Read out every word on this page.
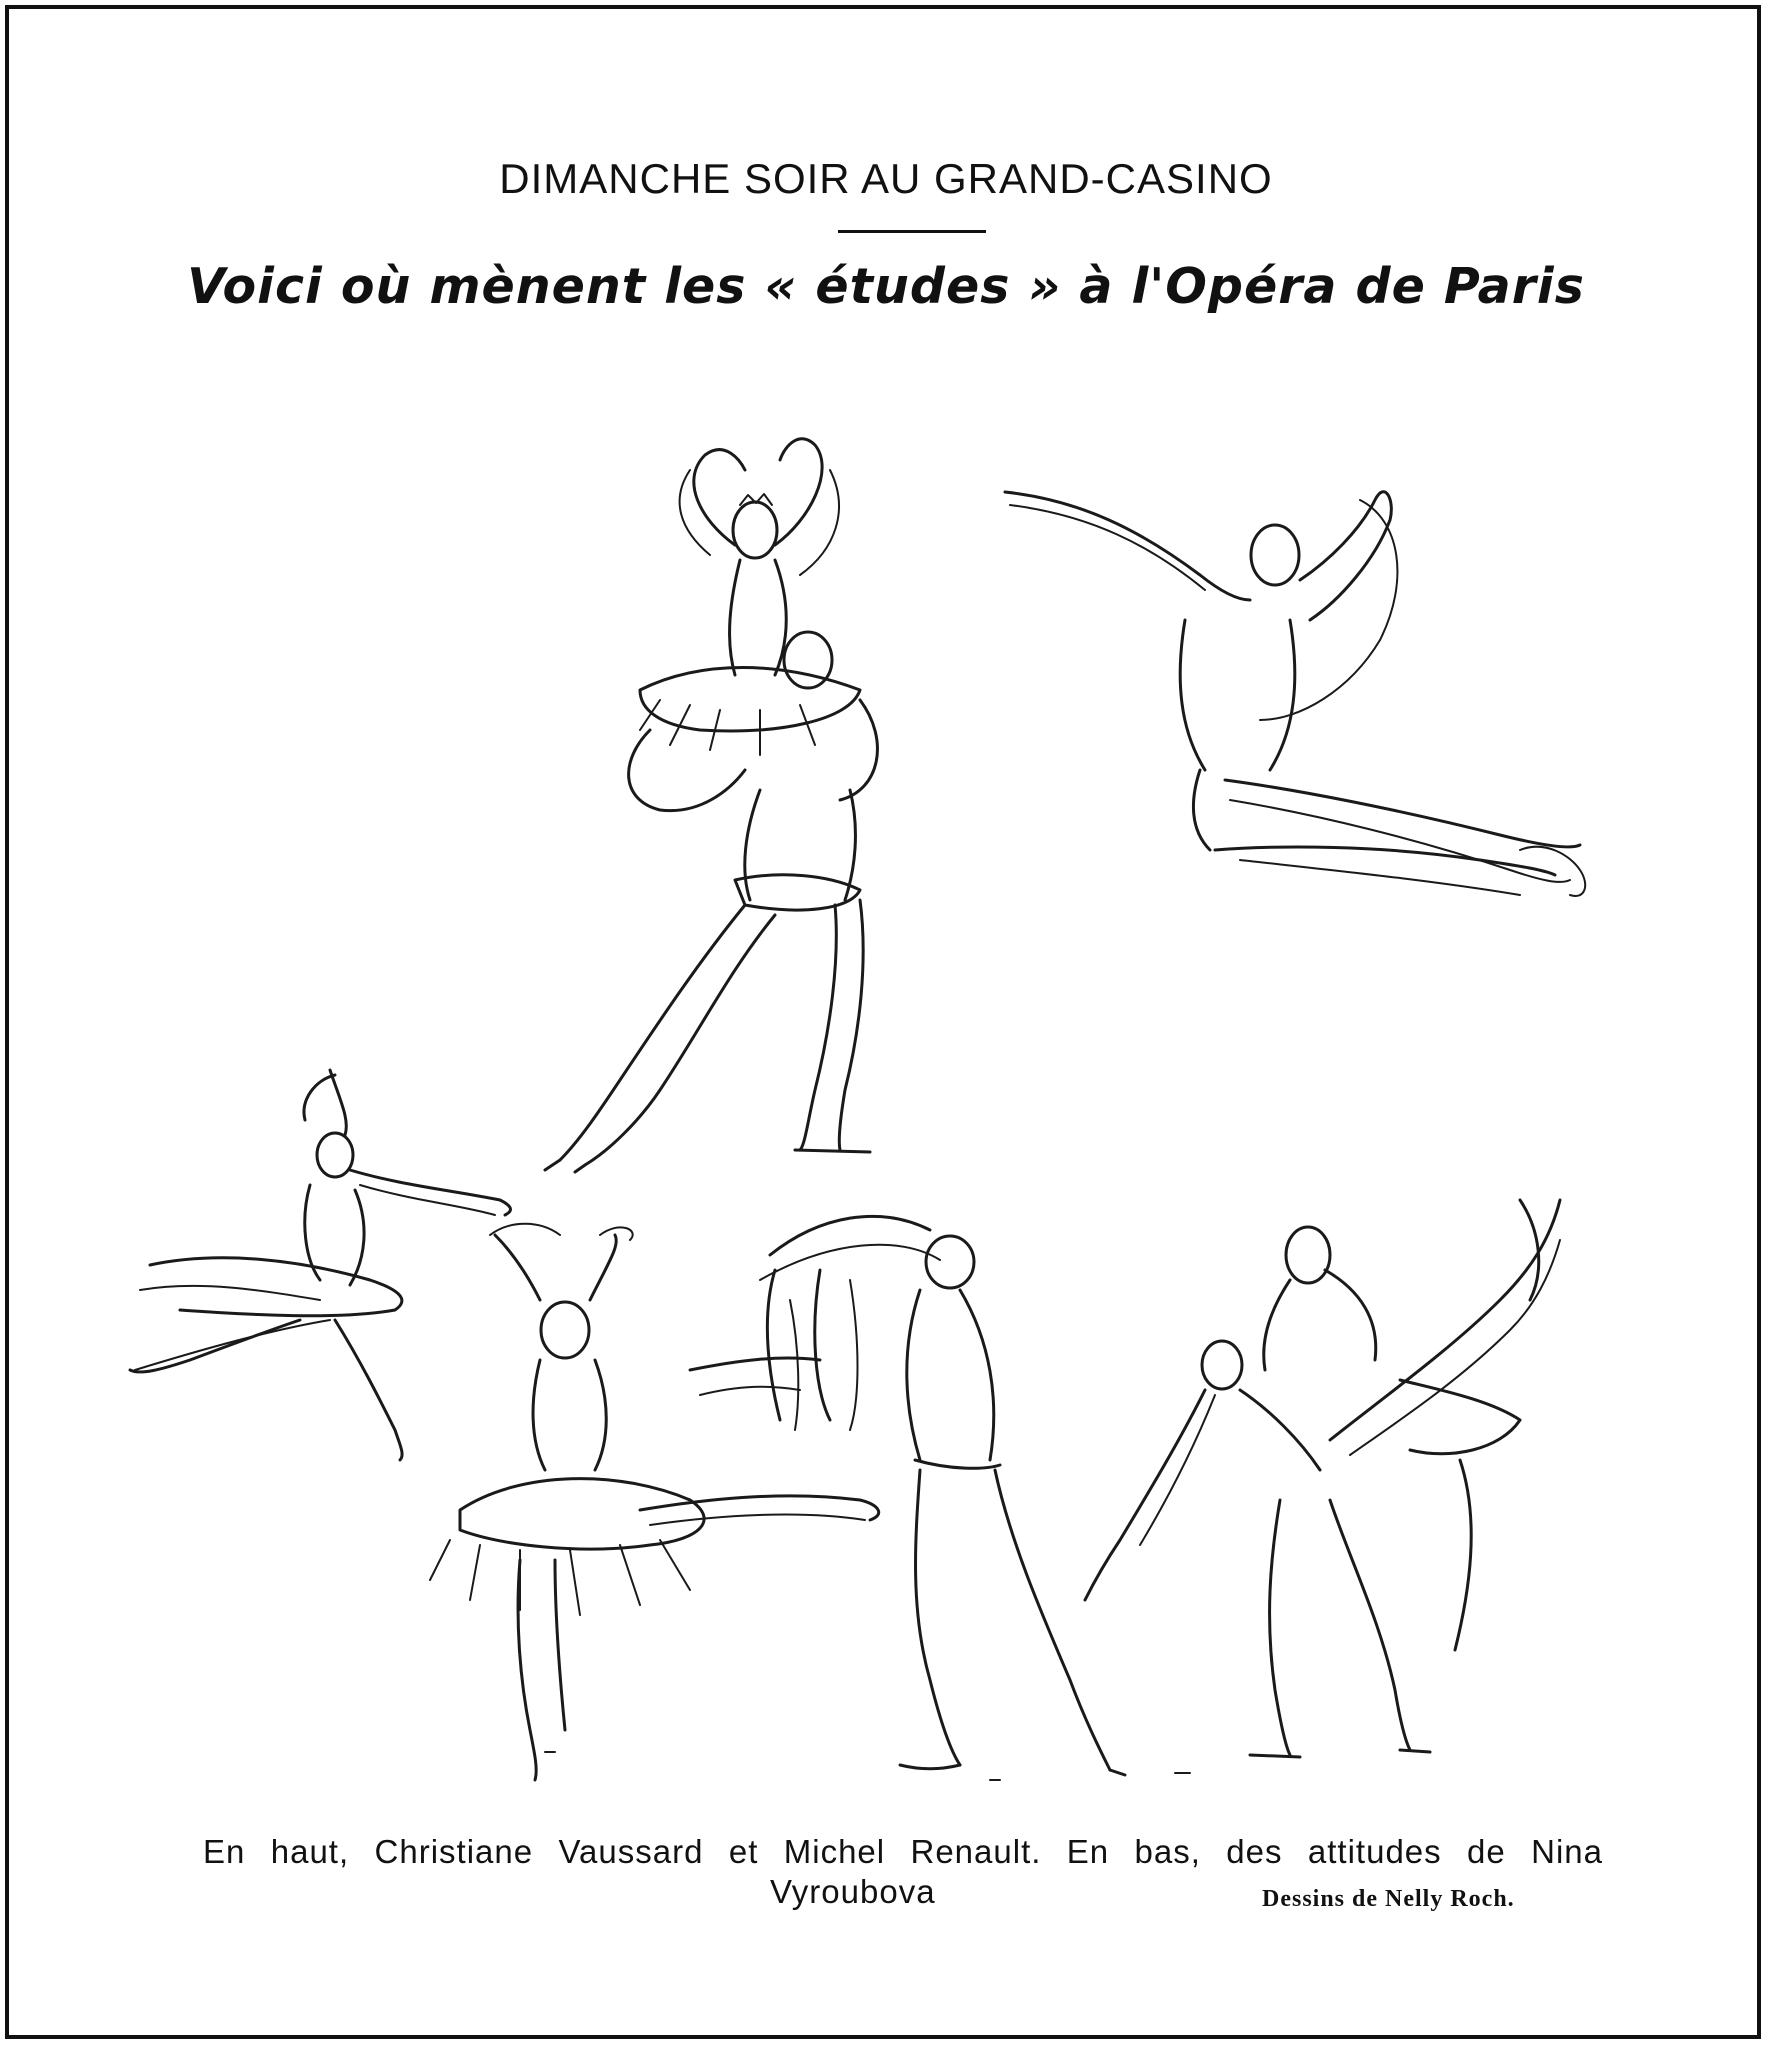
DIMANCHE SOIR AU GRAND-CASINO
Voici où mènent les « études » à l'Opéra de Paris
En haut, Christiane Vaussard et Michel Renault. En bas, des attitudes de Nina
Vyroubova	Dessins de Nelly Roch.
